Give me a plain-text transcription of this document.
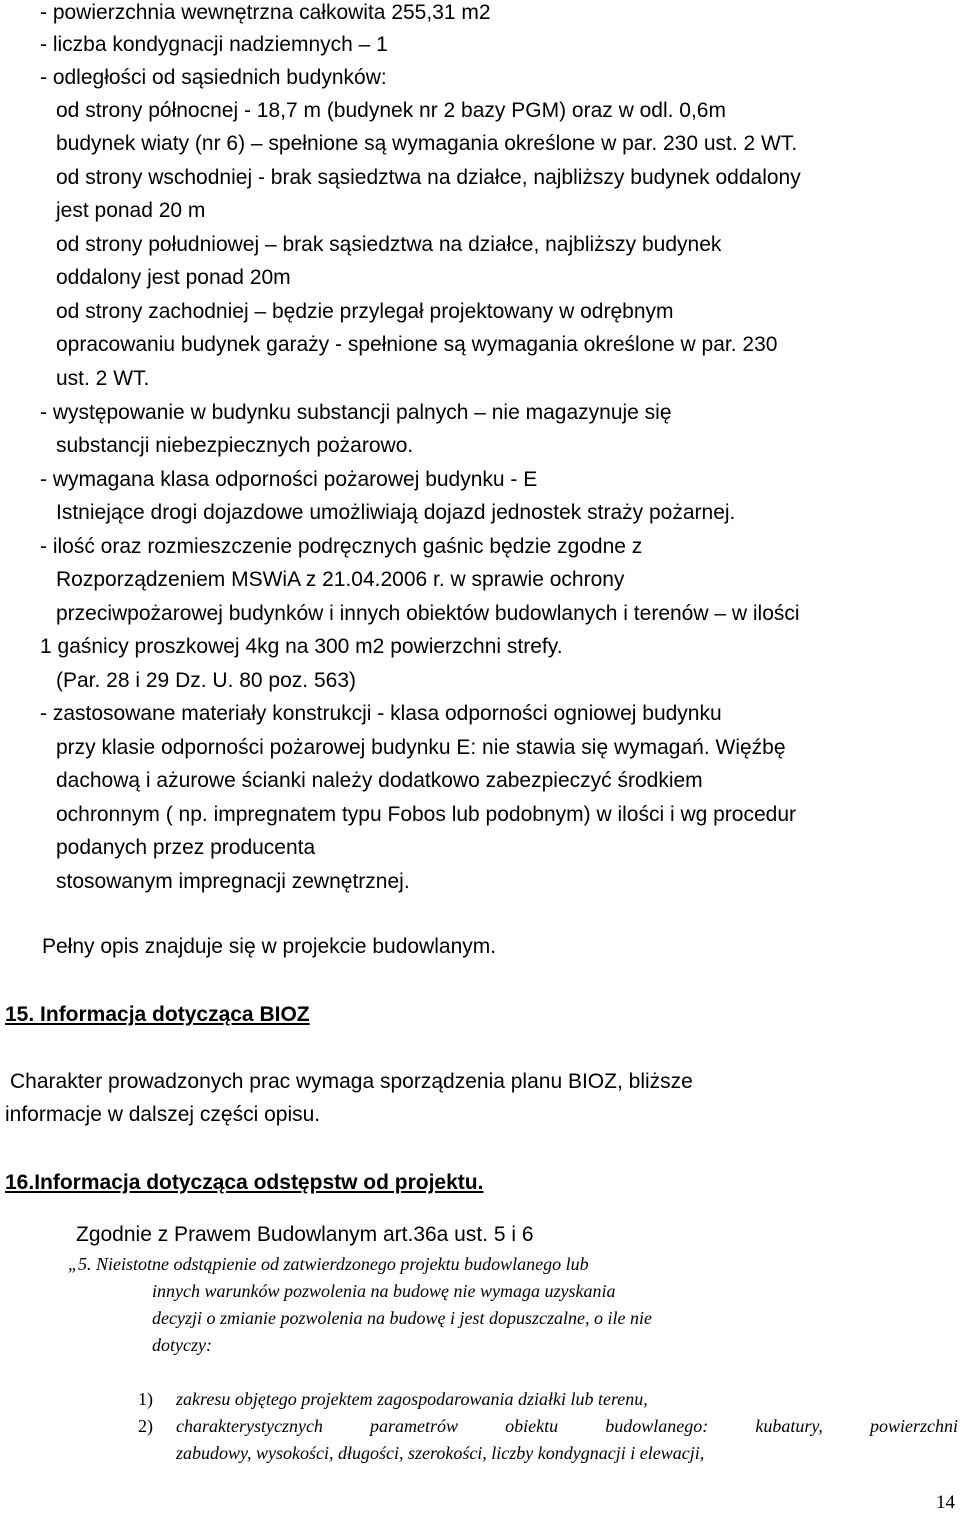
- powierzchnia wewnętrzna całkowita 255,31 m2

- liczba kondygnacji nadziemnych – 1

- odległości od sąsiednich budynków:

od strony północnej - 18,7 m (budynek nr 2 bazy PGM) oraz w odl. 0,6m

budynek wiaty (nr 6) – spełnione są wymagania określone w par. 230 ust. 2 WT.

od strony wschodniej - brak sąsiedztwa na działce, najbliższy budynek oddalony

jest ponad 20 m

od strony południowej – brak sąsiedztwa na działce, najbliższy budynek

oddalony jest ponad 20m

od strony zachodniej – będzie przylegał projektowany w odrębnym

opracowaniu budynek garaży - spełnione są wymagania określone w par. 230

ust. 2 WT.

- występowanie w budynku substancji palnych – nie magazynuje się

substancji niebezpiecznych pożarowo.

- wymagana klasa odporności pożarowej budynku - E

Istniejące drogi dojazdowe umożliwiają dojazd jednostek straży pożarnej.

- ilość oraz rozmieszczenie podręcznych gaśnic będzie zgodne z

Rozporządzeniem MSWiA z 21.04.2006 r. w sprawie ochrony

przeciwpożarowej budynków i innych obiektów budowlanych i terenów – w ilości

1 gaśnicy proszkowej 4kg na 300 m2 powierzchni strefy.

(Par. 28 i 29 Dz. U. 80 poz. 563)

- zastosowane materiały konstrukcji - klasa odporności ogniowej budynku

przy klasie odporności pożarowej budynku E: nie stawia się wymagań. Więźbę

dachową i ażurowe ścianki należy dodatkowo zabezpieczyć środkiem

ochronnym ( np. impregnatem typu Fobos lub podobnym) w ilości i wg procedur

podanych przez producenta

stosowanym impregnacji zewnętrznej.

Pełny opis znajduje się w projekcie budowlanym.

15. Informacja dotycząca BIOZ

Charakter prowadzonych prac wymaga sporządzenia planu BIOZ, bliższe

informacje w dalszej części opisu.

16.Informacja dotycząca odstępstw od projektu.

Zgodnie z Prawem Budowlanym art.36a ust. 5 i 6

„5. Nieistotne odstąpienie od zatwierdzonego projektu budowlanego lub

innych warunków pozwolenia na budowę nie wymaga uzyskania

decyzji o zmianie pozwolenia na budowę i jest dopuszczalne, o ile nie

dotyczy:

1) zakresu objętego projektem zagospodarowania działki lub terenu,

2) charakterystycznych	parametrów	obiektu	budowlanego:	kubatury,	powierzchni

zabudowy, wysokości, długości, szerokości, liczby kondygnacji i elewacji,

14
